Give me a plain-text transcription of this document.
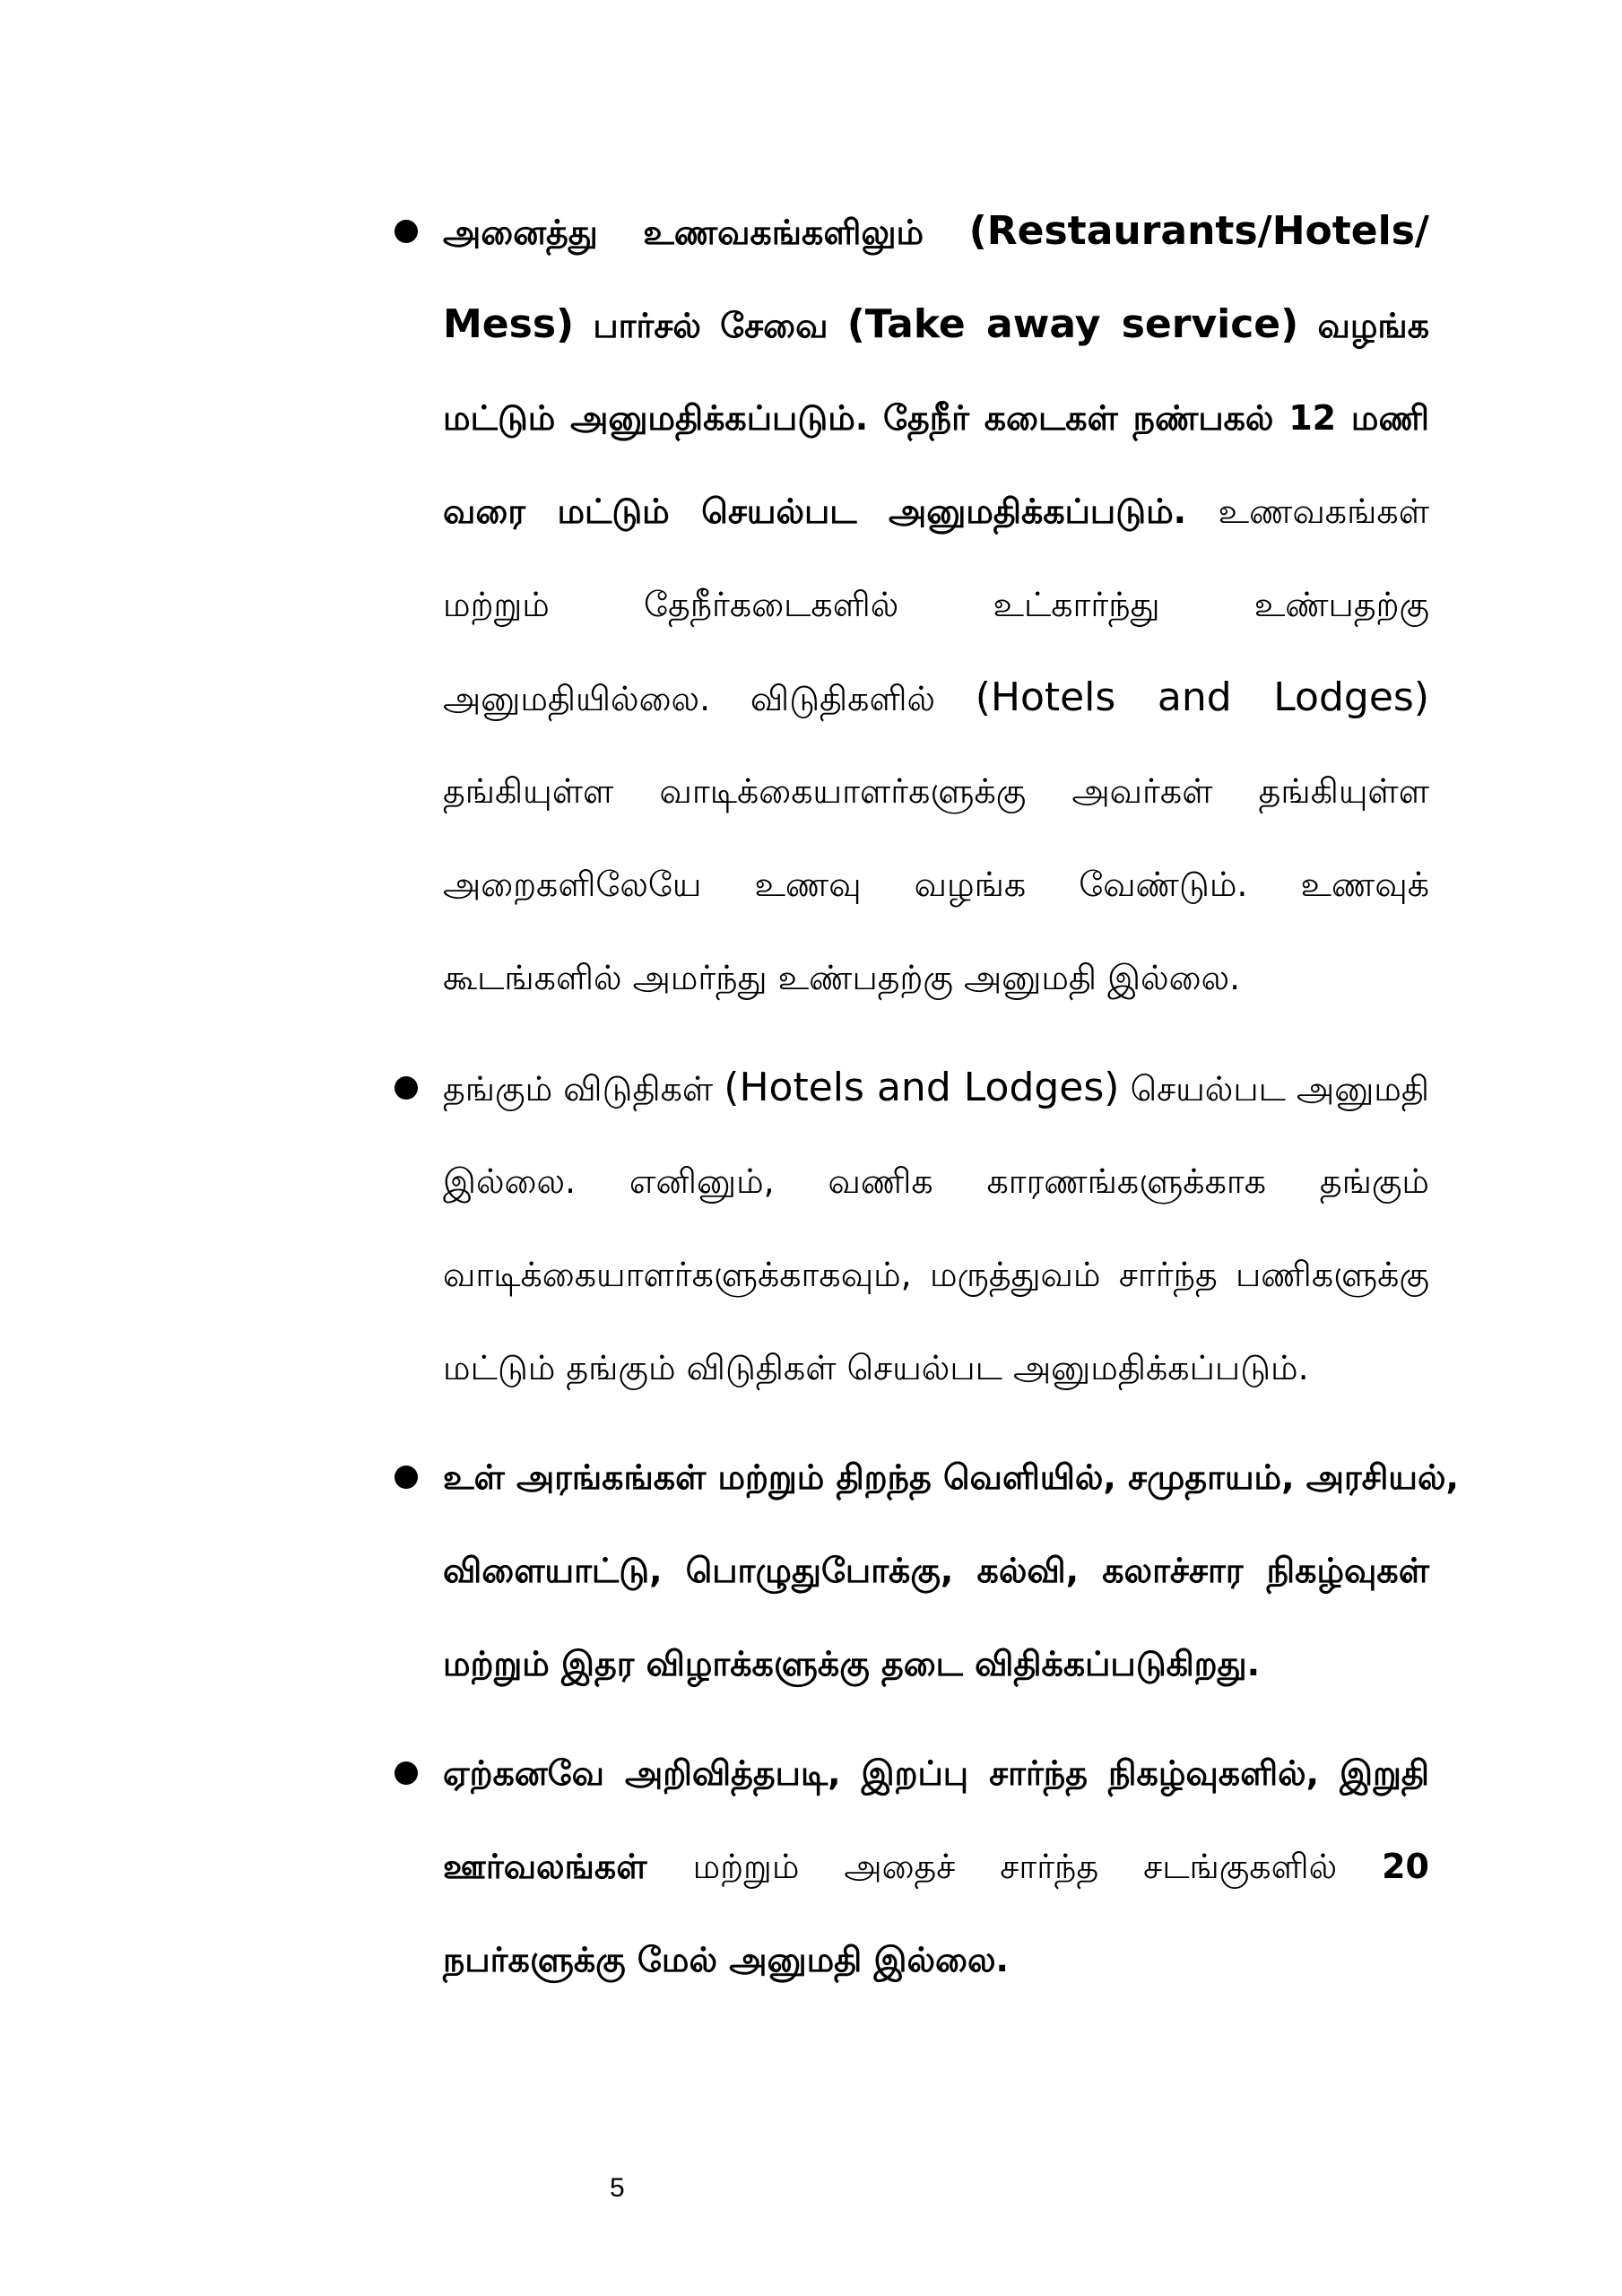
அனைத்து உணவகங்களிலும் (Restaurants/Hotels/
Mess) பார்சல் சேவை (Take away service) வழங்க
மட்டும் அனுமதிக்கப்படும். தேநீர் கடைகள் நண்பகல் 12 மணி
வரை மட்டும் செயல்பட அனுமதிக்கப்படும். உணவகங்கள்
மற்றும் தேநீர்கடைகளில் உட்கார்ந்து உண்பதற்கு
அனுமதியில்லை. விடுதிகளில் (Hotels and Lodges)
தங்கியுள்ள வாடிக்கையாளர்களுக்கு அவர்கள் தங்கியுள்ள
அறைகளிலேயே உணவு வழங்க வேண்டும். உணவுக்
கூடங்களில் அமர்ந்து உண்பதற்கு அனுமதி இல்லை.
தங்கும் விடுதிகள் (Hotels and Lodges) செயல்பட அனுமதி
இல்லை. எனினும், வணிக காரணங்களுக்காக தங்கும்
வாடிக்கையாளர்களுக்காகவும், மருத்துவம் சார்ந்த பணிகளுக்கு
மட்டும் தங்கும் விடுதிகள் செயல்பட அனுமதிக்கப்படும்.
உள் அரங்கங்கள் மற்றும் திறந்த வெளியில், சமுதாயம், அரசியல்,
விளையாட்டு, பொழுதுபோக்கு, கல்வி, கலாச்சார நிகழ்வுகள்
மற்றும் இதர விழாக்களுக்கு தடை விதிக்கப்படுகிறது.
ஏற்கனவே அறிவித்தபடி, இறப்பு சார்ந்த நிகழ்வுகளில், இறுதி
ஊர்வலங்கள் மற்றும் அதைச் சார்ந்த சடங்குகளில் 20
நபர்களுக்கு மேல் அனுமதி இல்லை.
5
